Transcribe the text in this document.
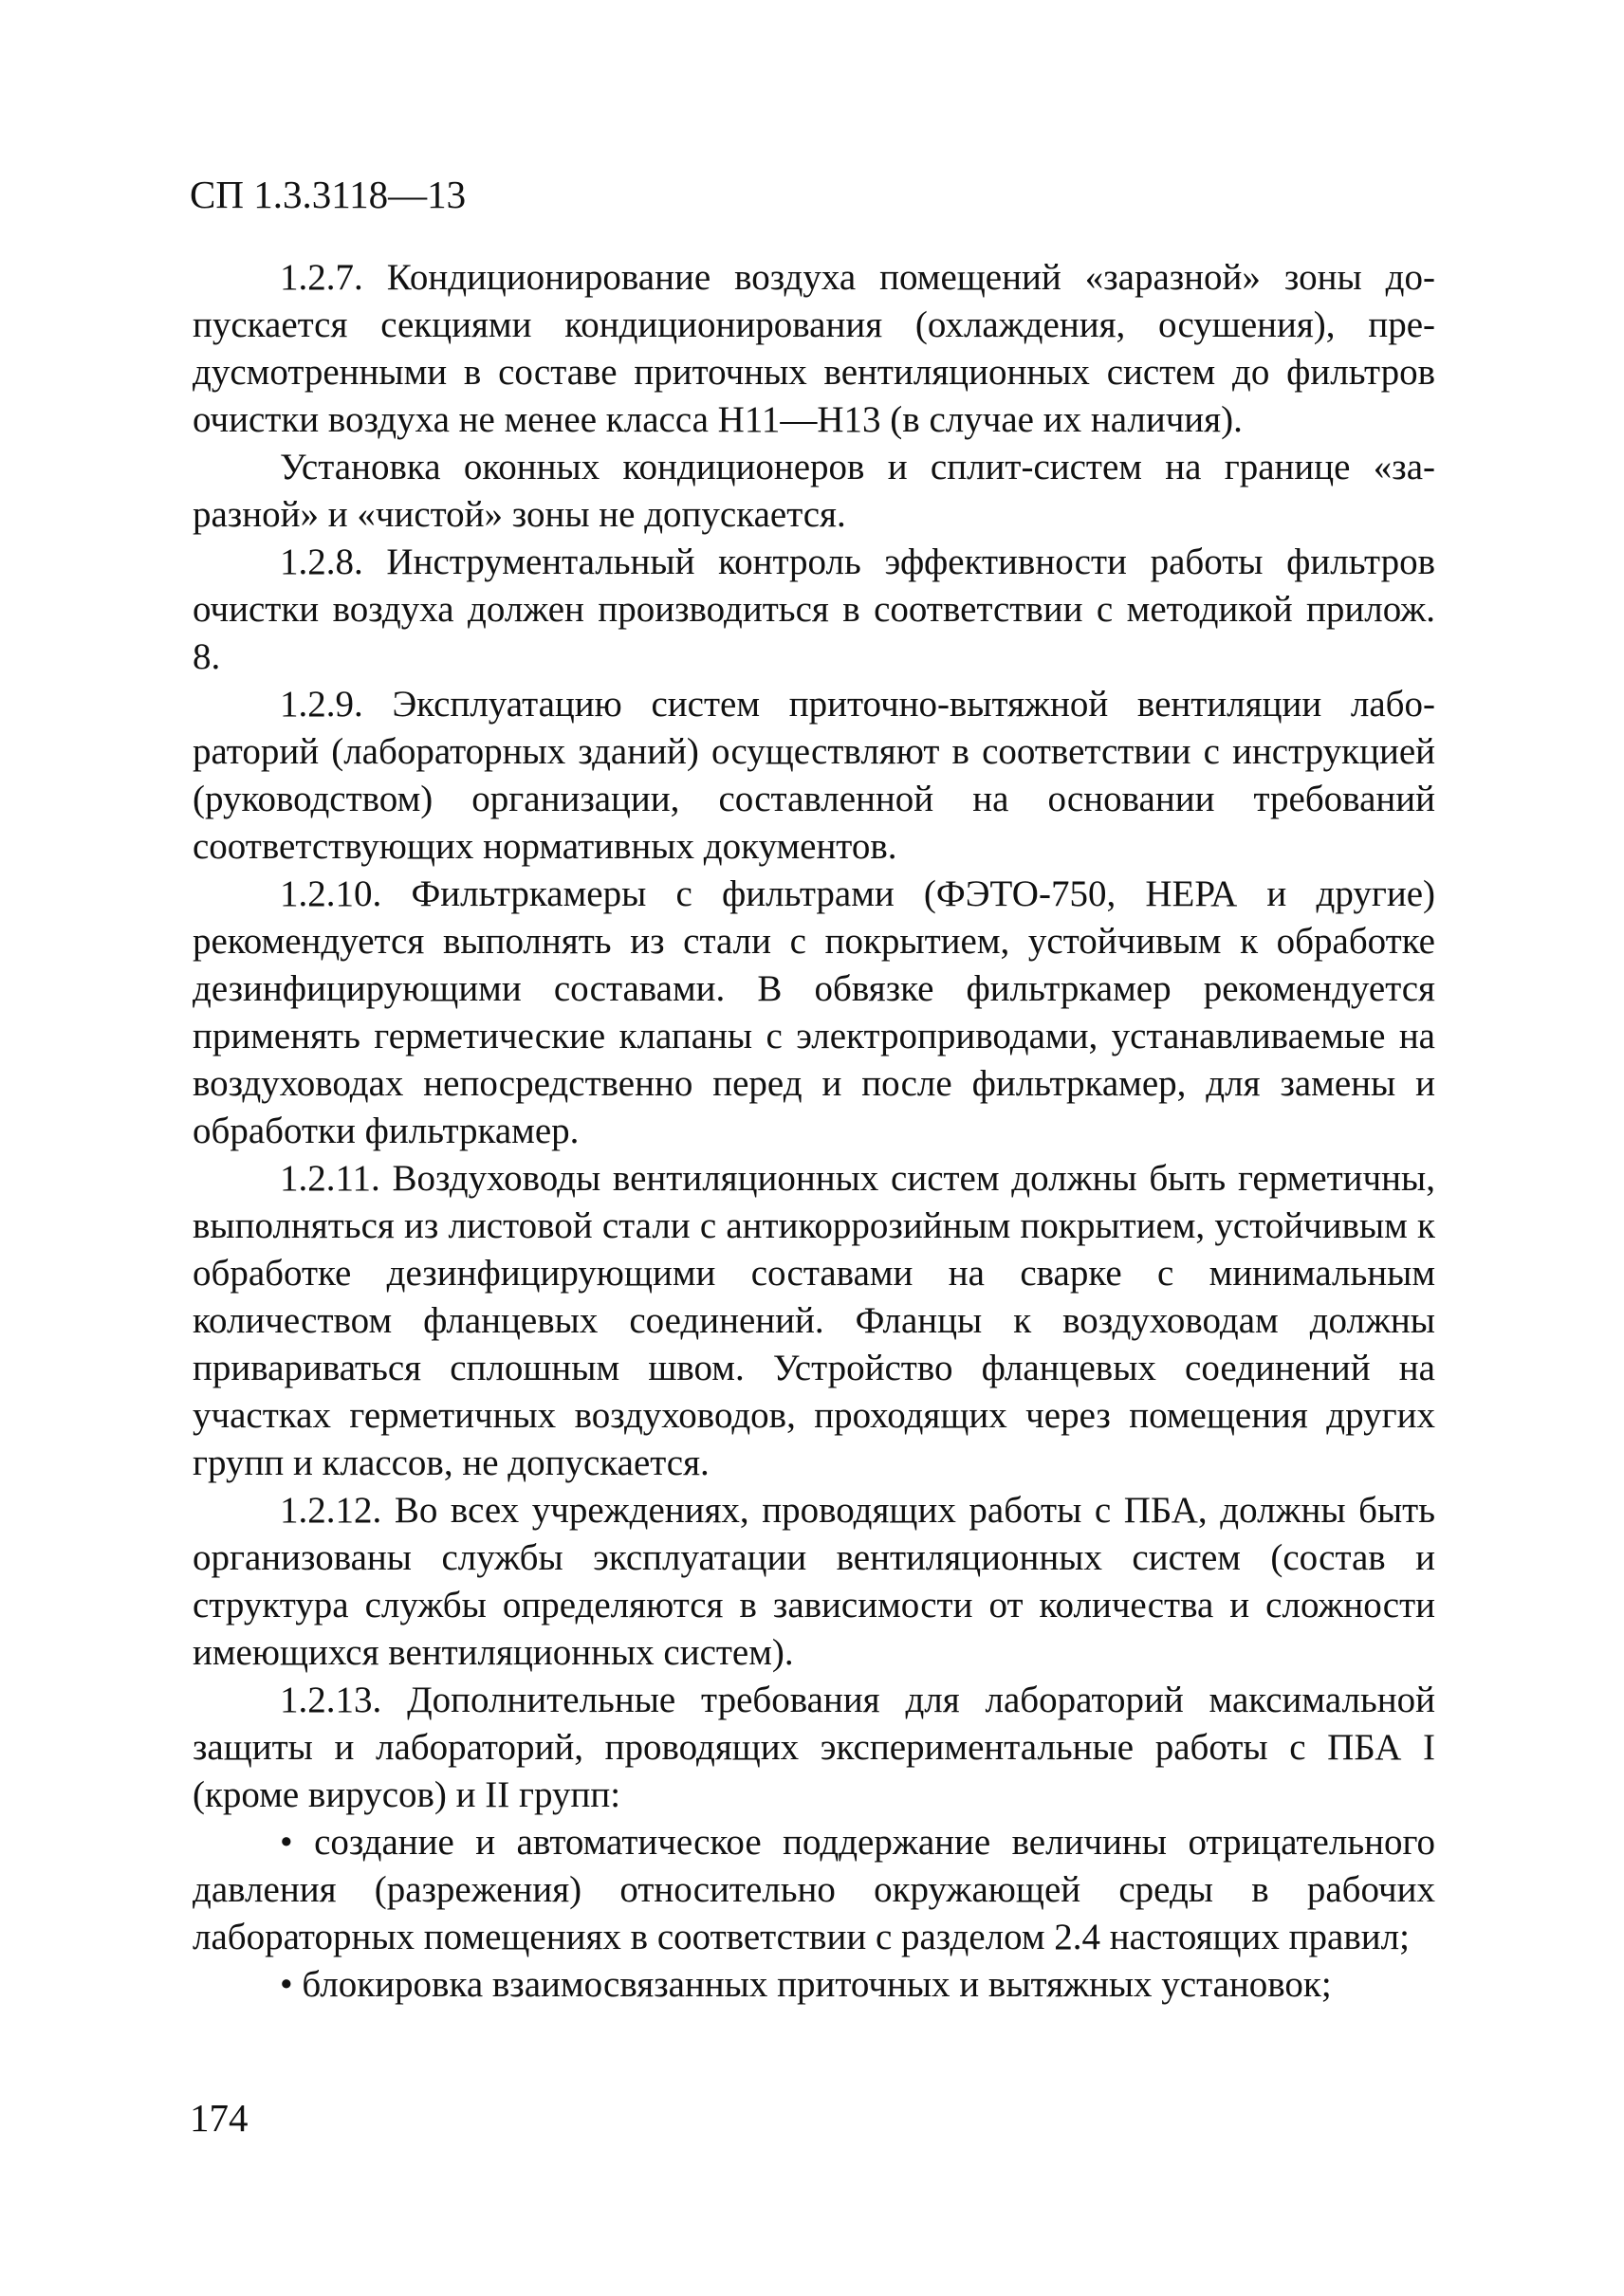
СП 1.3.3118—13

1.2.7. Кондиционирование воздуха помещений «заразной» зоны допускается секциями кондиционирования (охлаждения, осушения), предусмотренными в составе приточных вентиляционных систем до фильтров очистки воздуха не менее класса Н11—Н13 (в случае их наличия).

Установка оконных кондиционеров и сплит-систем на границе «заразной» и «чистой» зоны не допускается.

1.2.8. Инструментальный контроль эффективности работы фильтров очистки воздуха должен производиться в соответствии с методикой прилож. 8.

1.2.9. Эксплуатацию систем приточно-вытяжной вентиляции лабораторий (лабораторных зданий) осуществляют в соответствии с инструкцией (руководством) организации, составленной на основании требований соответствующих нормативных документов.

1.2.10. Фильтркамеры с фильтрами (ФЭТО-750, НЕРА и другие) рекомендуется выполнять из стали с покрытием, устойчивым к обработке дезинфицирующими составами. В обвязке фильтркамер рекомендуется применять герметические клапаны с электроприводами, устанавливаемые на воздуховодах непосредственно перед и после фильтркамер, для замены и обработки фильтркамер.

1.2.11. Воздуховоды вентиляционных систем должны быть герметичны, выполняться из листовой стали с антикоррозийным покрытием, устойчивым к обработке дезинфицирующими составами на сварке с минимальным количеством фланцевых соединений. Фланцы к воздуховодам должны привариваться сплошным швом. Устройство фланцевых соединений на участках герметичных воздуховодов, проходящих через помещения других групп и классов, не допускается.

1.2.12. Во всех учреждениях, проводящих работы с ПБА, должны быть организованы службы эксплуатации вентиляционных систем (состав и структура службы определяются в зависимости от количества и сложности имеющихся вентиляционных систем).

1.2.13. Дополнительные требования для лабораторий максимальной защиты и лабораторий, проводящих экспериментальные работы с ПБА I (кроме вирусов) и II групп:

• создание и автоматическое поддержание величины отрицательного давления (разрежения) относительно окружающей среды в рабочих лабораторных помещениях в соответствии с разделом 2.4 настоящих правил;

• блокировка взаимосвязанных приточных и вытяжных установок;

174
